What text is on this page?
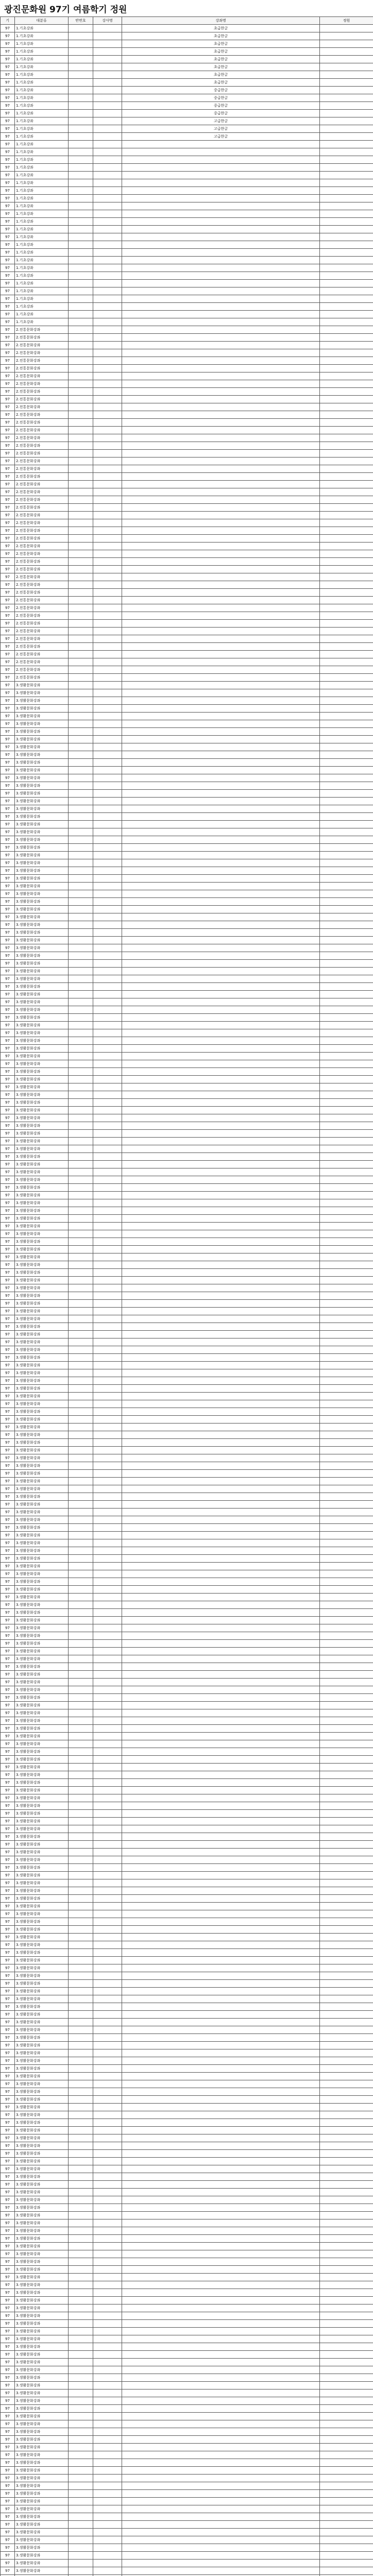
광진문화원 97기 여름학기 정원
기	대분류	반번호	강사명	강좌명	정원
97	1.기초강좌			초급한글	
97	1.기초강좌			초급한글	
97	1.기초강좌			초급한글	
97	1.기초강좌			초급한글	
97	1.기초강좌			초급한글	
97	1.기초강좌			초급한글	
97	1.기초강좌			초급한글	
97	1.기초강좌			초급한글	
97	1.기초강좌			중급한글	
97	1.기초강좌			중급한글	
97	1.기초강좌			중급한글	
97	1.기초강좌			중급한글	
97	1.기초강좌			고급한글	
97	1.기초강좌			고급한글	
97	1.기초강좌			고급한글	
97	1.기초강좌				
97	1.기초강좌				
97	1.기초강좌				
97	1.기초강좌				
97	1.기초강좌				
97	1.기초강좌				
97	1.기초강좌				
97	1.기초강좌				
97	1.기초강좌				
97	1.기초강좌				
97	1.기초강좌				
97	1.기초강좌				
97	1.기초강좌				
97	1.기초강좌				
97	1.기초강좌				
97	1.기초강좌				
97	1.기초강좌				
97	1.기초강좌				
97	1.기초강좌				
97	1.기초강좌				
97	1.기초강좌				
97	1.기초강좌				
97	1.기초강좌				
97	1.기초강좌				
97	2.전통문화강좌				
97	2.전통문화강좌				
97	2.전통문화강좌				
97	2.전통문화강좌				
97	2.전통문화강좌				
97	2.전통문화강좌				
97	2.전통문화강좌				
97	2.전통문화강좌				
97	2.전통문화강좌				
97	2.전통문화강좌				
97	2.전통문화강좌				
97	2.전통문화강좌				
97	2.전통문화강좌				
97	2.전통문화강좌				
97	2.전통문화강좌				
97	2.전통문화강좌				
97	2.전통문화강좌				
97	2.전통문화강좌				
97	2.전통문화강좌				
97	2.전통문화강좌				
97	2.전통문화강좌				
97	2.전통문화강좌				
97	2.전통문화강좌				
97	2.전통문화강좌				
97	2.전통문화강좌				
97	2.전통문화강좌				
97	2.전통문화강좌				
97	2.전통문화강좌				
97	2.전통문화강좌				
97	2.전통문화강좌				
97	2.전통문화강좌				
97	2.전통문화강좌				
97	2.전통문화강좌				
97	2.전통문화강좌				
97	2.전통문화강좌				
97	2.전통문화강좌				
97	2.전통문화강좌				
97	2.전통문화강좌				
97	2.전통문화강좌				
97	2.전통문화강좌				
97	2.전통문화강좌				
97	2.전통문화강좌				
97	2.전통문화강좌				
97	2.전통문화강좌				
97	2.전통문화강좌				
97	2.전통문화강좌				
97	3.생활문화강좌				
97	3.생활문화강좌				
97	3.생활문화강좌				
97	3.생활문화강좌				
97	3.생활문화강좌				
97	3.생활문화강좌				
97	3.생활문화강좌				
97	3.생활문화강좌				
97	3.생활문화강좌				
97	3.생활문화강좌				
97	3.생활문화강좌				
97	3.생활문화강좌				
97	3.생활문화강좌				
97	3.생활문화강좌				
97	3.생활문화강좌				
97	3.생활문화강좌				
97	3.생활문화강좌				
97	3.생활문화강좌				
97	3.생활문화강좌				
97	3.생활문화강좌				
97	3.생활문화강좌				
97	3.생활문화강좌				
97	3.생활문화강좌				
97	3.생활문화강좌				
97	3.생활문화강좌				
97	3.생활문화강좌				
97	3.생활문화강좌				
97	3.생활문화강좌				
97	3.생활문화강좌				
97	3.생활문화강좌				
97	3.생활문화강좌				
97	3.생활문화강좌				
97	3.생활문화강좌				
97	3.생활문화강좌				
97	3.생활문화강좌				
97	3.생활문화강좌				
97	3.생활문화강좌				
97	3.생활문화강좌				
97	3.생활문화강좌				
97	3.생활문화강좌				
97	3.생활문화강좌				
97	3.생활문화강좌				
97	3.생활문화강좌				
97	3.생활문화강좌				
97	3.생활문화강좌				
97	3.생활문화강좌				
97	3.생활문화강좌				
97	3.생활문화강좌				
97	3.생활문화강좌				
97	3.생활문화강좌				
97	3.생활문화강좌				
97	3.생활문화강좌				
97	3.생활문화강좌				
97	3.생활문화강좌				
97	3.생활문화강좌				
97	3.생활문화강좌				
97	3.생활문화강좌				
97	3.생활문화강좌				
97	3.생활문화강좌				
97	3.생활문화강좌				
97	3.생활문화강좌				
97	3.생활문화강좌				
97	3.생활문화강좌				
97	3.생활문화강좌				
97	3.생활문화강좌				
97	3.생활문화강좌				
97	3.생활문화강좌				
97	3.생활문화강좌				
97	3.생활문화강좌				
97	3.생활문화강좌				
97	3.생활문화강좌				
97	3.생활문화강좌				
97	3.생활문화강좌				
97	3.생활문화강좌				
97	3.생활문화강좌				
97	3.생활문화강좌				
97	3.생활문화강좌				
97	3.생활문화강좌				
97	3.생활문화강좌				
97	3.생활문화강좌				
97	3.생활문화강좌				
97	3.생활문화강좌				
97	3.생활문화강좌				
97	3.생활문화강좌				
97	3.생활문화강좌				
97	3.생활문화강좌				
97	3.생활문화강좌				
97	3.생활문화강좌				
97	3.생활문화강좌				
97	3.생활문화강좌				
97	3.생활문화강좌				
97	3.생활문화강좌				
97	3.생활문화강좌				
97	3.생활문화강좌				
97	3.생활문화강좌				
97	3.생활문화강좌				
97	3.생활문화강좌				
97	3.생활문화강좌				
97	3.생활문화강좌				
97	3.생활문화강좌				
97	3.생활문화강좌				
97	3.생활문화강좌				
97	3.생활문화강좌				
97	3.생활문화강좌				
97	3.생활문화강좌				
97	3.생활문화강좌				
97	3.생활문화강좌				
97	3.생활문화강좌				
97	3.생활문화강좌				
97	3.생활문화강좌				
97	3.생활문화강좌				
97	3.생활문화강좌				
97	3.생활문화강좌				
97	3.생활문화강좌				
97	3.생활문화강좌				
97	3.생활문화강좌				
97	3.생활문화강좌				
97	3.생활문화강좌				
97	3.생활문화강좌				
97	3.생활문화강좌				
97	3.생활문화강좌				
97	3.생활문화강좌				
97	3.생활문화강좌				
97	3.생활문화강좌				
97	3.생활문화강좌				
97	3.생활문화강좌				
97	3.생활문화강좌				
97	3.생활문화강좌				
97	3.생활문화강좌				
97	3.생활문화강좌				
97	3.생활문화강좌				
97	3.생활문화강좌				
97	3.생활문화강좌				
97	3.생활문화강좌				
97	3.생활문화강좌				
97	3.생활문화강좌				
97	3.생활문화강좌				
97	3.생활문화강좌				
97	3.생활문화강좌				
97	3.생활문화강좌				
97	3.생활문화강좌				
97	3.생활문화강좌				
97	3.생활문화강좌				
97	3.생활문화강좌				
97	3.생활문화강좌				
97	3.생활문화강좌				
97	3.생활문화강좌				
97	3.생활문화강좌				
97	3.생활문화강좌				
97	3.생활문화강좌				
97	3.생활문화강좌				
97	3.생활문화강좌				
97	3.생활문화강좌				
97	3.생활문화강좌				
97	3.생활문화강좌				
97	3.생활문화강좌				
97	3.생활문화강좌				
97	3.생활문화강좌				
97	3.생활문화강좌				
97	3.생활문화강좌				
97	3.생활문화강좌				
97	3.생활문화강좌				
97	3.생활문화강좌				
97	3.생활문화강좌				
97	3.생활문화강좌				
97	3.생활문화강좌				
97	3.생활문화강좌				
97	3.생활문화강좌				
97	3.생활문화강좌				
97	3.생활문화강좌				
97	3.생활문화강좌				
97	3.생활문화강좌				
97	3.생활문화강좌				
97	3.생활문화강좌				
97	3.생활문화강좌				
97	3.생활문화강좌				
97	3.생활문화강좌				
97	3.생활문화강좌				
97	3.생활문화강좌				
97	3.생활문화강좌				
97	3.생활문화강좌				
97	3.생활문화강좌				
97	3.생활문화강좌				
97	3.생활문화강좌				
97	3.생활문화강좌				
97	3.생활문화강좌				
97	3.생활문화강좌				
97	3.생활문화강좌				
97	3.생활문화강좌				
97	3.생활문화강좌				
97	3.생활문화강좌				
97	3.생활문화강좌				
97	3.생활문화강좌				
97	3.생활문화강좌				
97	3.생활문화강좌				
97	3.생활문화강좌				
97	3.생활문화강좌				
97	3.생활문화강좌				
97	3.생활문화강좌				
97	3.생활문화강좌				
97	3.생활문화강좌				
97	3.생활문화강좌				
97	3.생활문화강좌				
97	3.생활문화강좌				
97	3.생활문화강좌				
97	3.생활문화강좌				
97	3.생활문화강좌				
97	3.생활문화강좌				
97	3.생활문화강좌				
97	3.생활문화강좌				
97	3.생활문화강좌				
97	3.생활문화강좌				
97	3.생활문화강좌				
97	3.생활문화강좌				
97	3.생활문화강좌				
97	3.생활문화강좌				
97	3.생활문화강좌				
97	3.생활문화강좌				
97	3.생활문화강좌				
97	3.생활문화강좌				
97	3.생활문화강좌				
97	3.생활문화강좌				
97	3.생활문화강좌				
97	3.생활문화강좌				
97	3.생활문화강좌				
97	3.생활문화강좌				
97	3.생활문화강좌				
97	3.생활문화강좌				
97	3.생활문화강좌				
97	3.생활문화강좌				
97	3.생활문화강좌				
97	3.생활문화강좌				
97	3.생활문화강좌				
97	3.생활문화강좌				
97	3.생활문화강좌				
97	3.생활문화강좌				
97	3.생활문화강좌				
97	3.생활문화강좌				
97	3.생활문화강좌				
97	3.생활문화강좌				
97	3.생활문화강좌				
97	3.생활문화강좌				
97	3.생활문화강좌				
97	3.생활문화강좌				
97	3.생활문화강좌				
